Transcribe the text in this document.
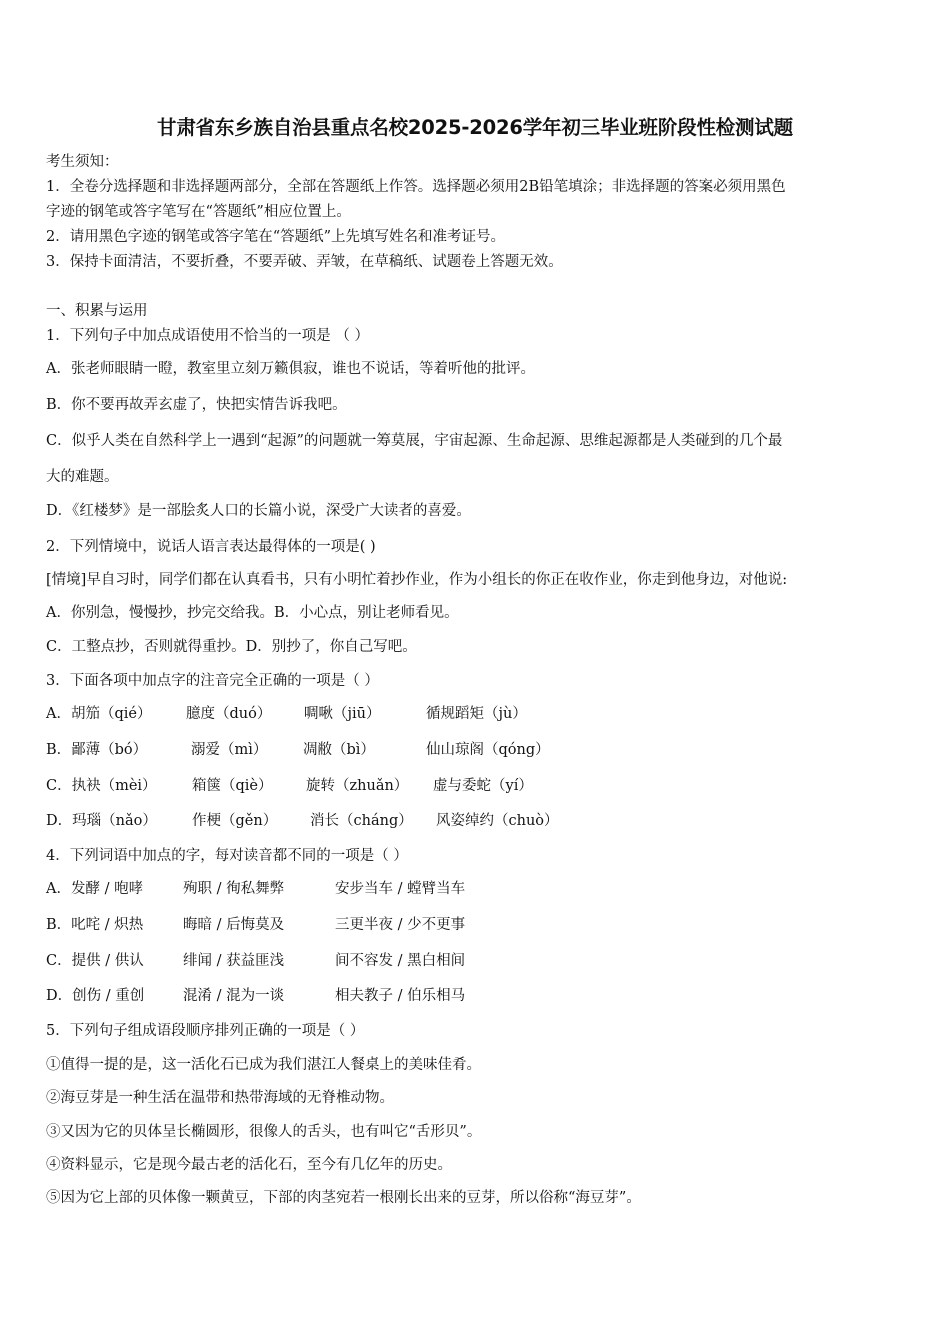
甘肃省东乡族自治县重点名校2025-2026学年初三毕业班阶段性检测试题
考生须知：
1．全卷分选择题和非选择题两部分，全部在答题纸上作答。选择题必须用2B铅笔填涂；非选择题的答案必须用黑色
字迹的钢笔或答字笔写在“答题纸”相应位置上。
2．请用黑色字迹的钢笔或答字笔在“答题纸”上先填写姓名和准考证号。
3．保持卡面清洁，不要折叠，不要弄破、弄皱，在草稿纸、试题卷上答题无效。
一、积累与运用
1．下列句子中加点成语使用不恰当的一项是 （ ）
A．张老师眼睛一瞪，教室里立刻万籁俱寂，谁也不说话，等着听他的批评。
B．你不要再故弄玄虚了，快把实情告诉我吧。
C．似乎人类在自然科学上一遇到“起源”的问题就一筹莫展，宇宙起源、生命起源、思维起源都是人类碰到的几个最
大的难题。
D．《红楼梦》是一部脍炙人口的长篇小说，深受广大读者的喜爱。
2．下列情境中，说话人语言表达最得体的一项是( )
[情境]早自习时，同学们都在认真看书，只有小明忙着抄作业，作为小组长的你正在收作业，你走到他身边，对他说:
A．你别急，慢慢抄，抄完交给我。B．小心点，别让老师看见。
C．工整点抄，否则就得重抄。D．别抄了，你自己写吧。
3．下面各项中加点字的注音完全正确的一项是（ ）
A．胡笳（qié） 臆度（duó） 啁啾（jiū）	循规蹈矩（jù）
B．鄙薄（bó）	溺爱（mì） 凋敝（bì）	仙山琼阁（qóng）
C．执袂（mèi） 箱箧（qiè） 旋转（zhuǎn） 虚与委蛇（yí）
D．玛瑙（nǎo） 作梗（gěn） 消长（cháng） 风姿绰约（chuò）
4．下列词语中加点的字，每对读音都不同的一项是（ ）
A．发酵 / 咆哮	殉职 / 徇私舞弊	安步当车 / 螳臂当车
B．叱咤 / 炽热	晦暗 / 后悔莫及	三更半夜 / 少不更事
C．提供 / 供认	绯闻 / 获益匪浅	间不容发 / 黑白相间
D．创伤 / 重创	混淆 / 混为一谈	相夫教子 / 伯乐相马
5．下列句子组成语段顺序排列正确的一项是（ ）
①值得一提的是，这一活化石已成为我们湛江人餐桌上的美味佳肴。
②海豆芽是一种生活在温带和热带海域的无脊椎动物。
③又因为它的贝体呈长椭圆形，很像人的舌头，也有叫它“舌形贝”。
④资料显示，它是现今最古老的活化石，至今有几亿年的历史。
⑤因为它上部的贝体像一颗黄豆，下部的肉茎宛若一根刚长出来的豆芽，所以俗称“海豆芽”。
